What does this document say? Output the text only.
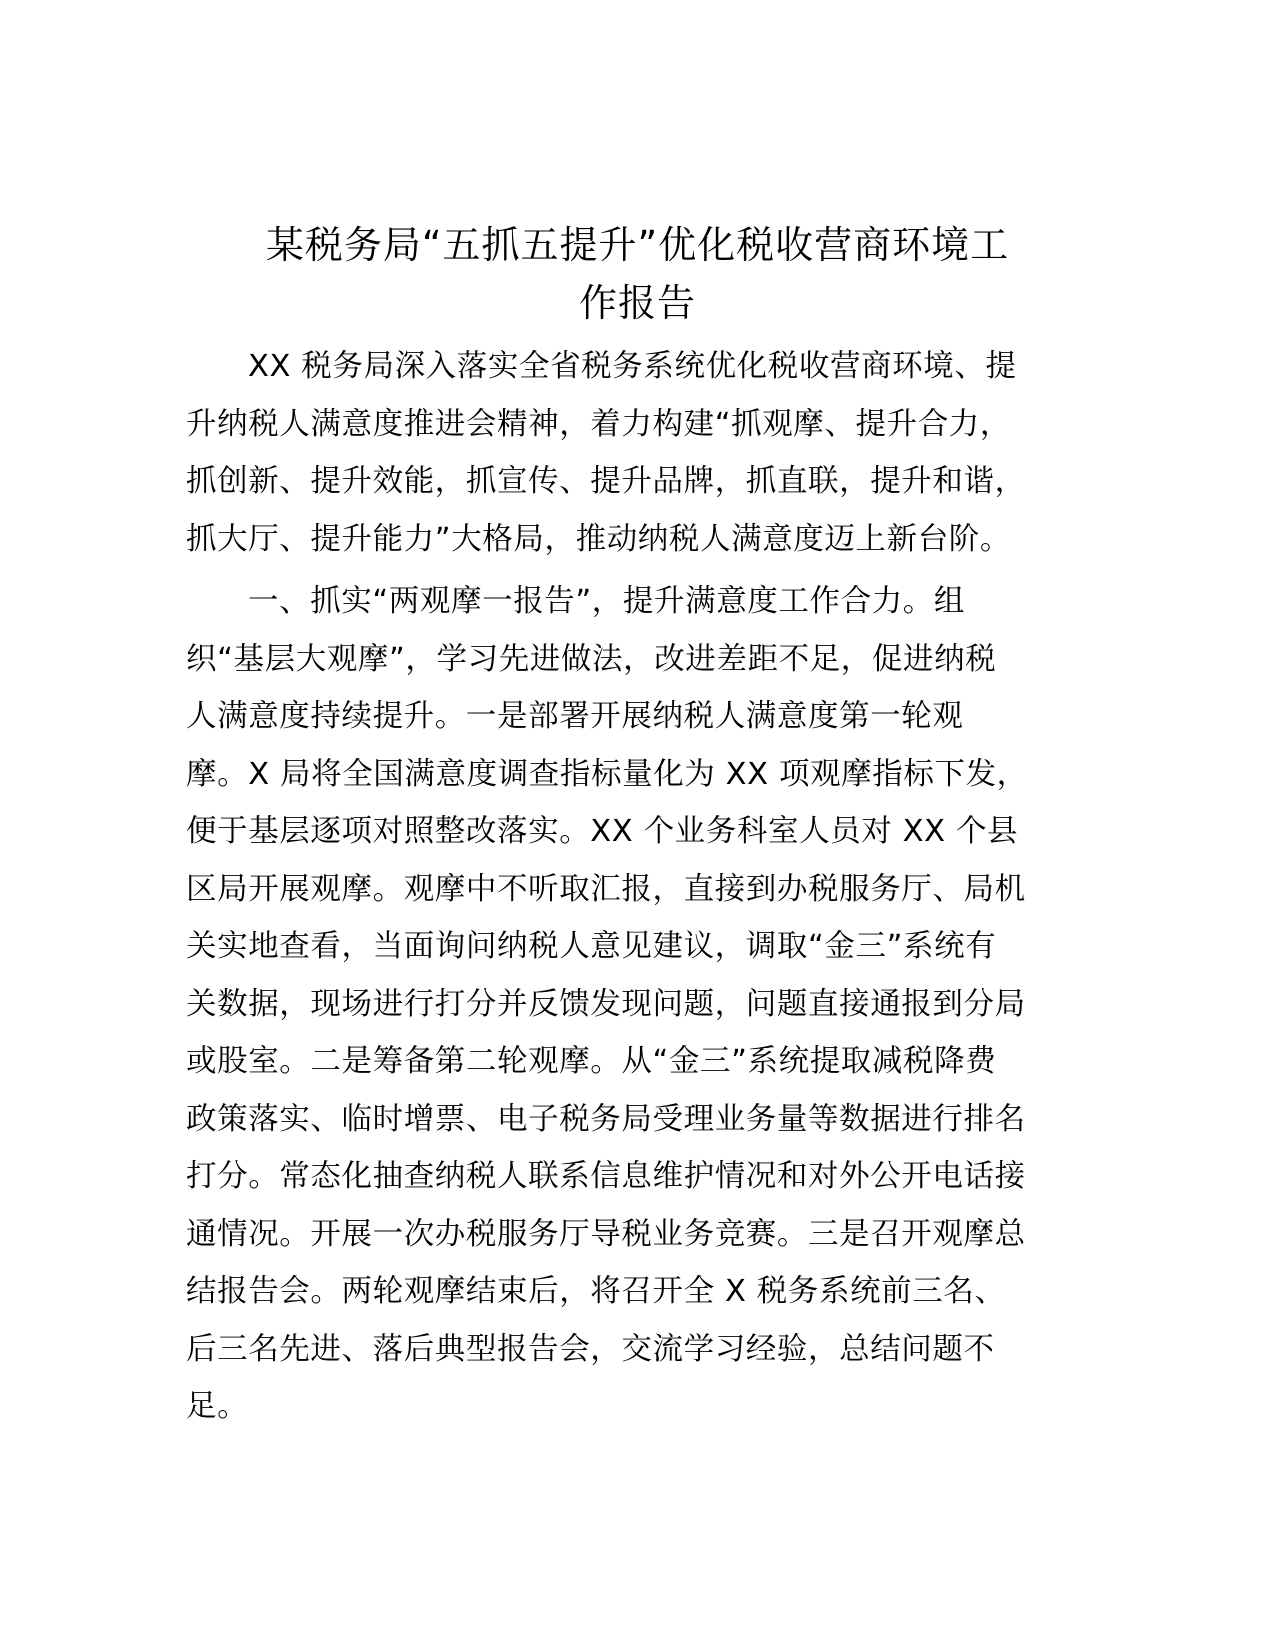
某税务局“五抓五提升”优化税收营商环境工
作报告
XX 税务局深入落实全省税务系统优化税收营商环境、提
升纳税人满意度推进会精神，着力构建“抓观摩、提升合力，
抓创新、提升效能，抓宣传、提升品牌，抓直联，提升和谐，
抓大厅、提升能力”大格局，推动纳税人满意度迈上新台阶。
一、抓实“两观摩一报告”，提升满意度工作合力。组
织“基层大观摩”，学习先进做法，改进差距不足，促进纳税
人满意度持续提升。一是部署开展纳税人满意度第一轮观
摩。X 局将全国满意度调查指标量化为 XX 项观摩指标下发，
便于基层逐项对照整改落实。XX 个业务科室人员对 XX 个县
区局开展观摩。观摩中不听取汇报，直接到办税服务厅、局机
关实地查看，当面询问纳税人意见建议，调取“金三”系统有
关数据，现场进行打分并反馈发现问题，问题直接通报到分局
或股室。二是筹备第二轮观摩。从“金三”系统提取减税降费
政策落实、临时增票、电子税务局受理业务量等数据进行排名
打分。常态化抽查纳税人联系信息维护情况和对外公开电话接
通情况。开展一次办税服务厅导税业务竞赛。三是召开观摩总
结报告会。两轮观摩结束后，将召开全 X 税务系统前三名、
后三名先进、落后典型报告会，交流学习经验，总结问题不
足。
